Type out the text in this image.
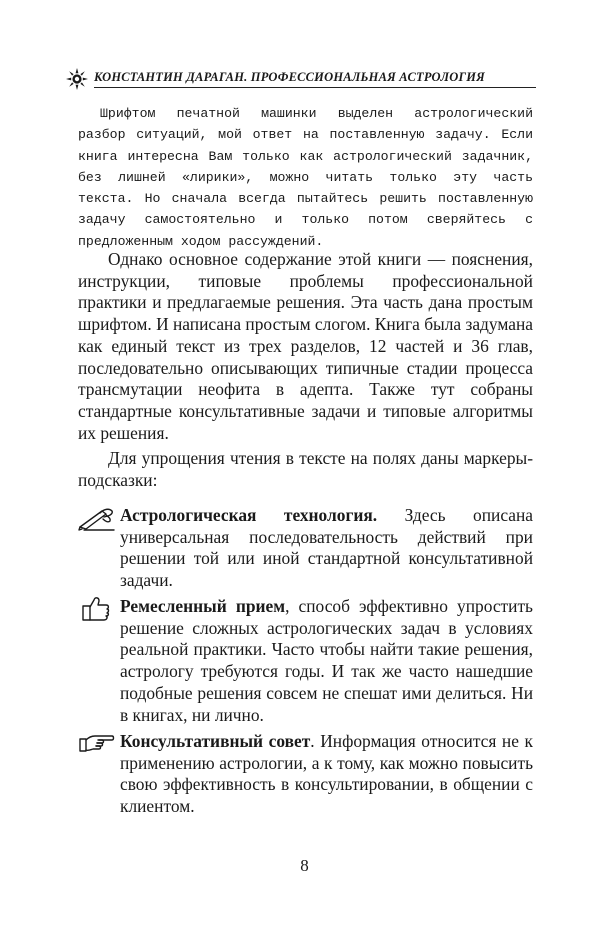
КОНСТАНТИН ДАРАГАН. ПРОФЕССИОНАЛЬНАЯ АСТРОЛОГИЯ

Шрифтом печатной машинки выделен астрологический разбор ситуаций, мой ответ на поставленную задачу. Если книга интересна Вам только как астрологический задачник, без лишней «лирики», можно читать только эту часть текста. Но сначала всегда пытайтесь решить поставленную задачу самостоятельно и только потом сверяйтесь с предложенным ходом рассуждений.

Однако основное содержание этой книги — пояснения, инструкции, типовые проблемы профессиональной практики и предлагаемые решения. Эта часть дана простым шрифтом. И написана простым слогом. Книга была задумана как единый текст из трех разделов, 12 частей и 36 глав, последовательно описывающих типичные стадии процесса трансмутации неофита в адепта. Также тут собраны стандартные консультативные задачи и типовые алгоритмы их решения.

Для упрощения чтения в тексте на полях даны маркеры-подсказки:

Астрологическая технология. Здесь описана универсальная последовательность действий при решении той или иной стандартной консультативной задачи.

Ремесленный прием, способ эффективно упростить решение сложных астрологических задач в условиях реальной практики. Часто чтобы найти такие решения, астрологу требуются годы. И так же часто нашедшие подобные решения совсем не спешат ими делиться. Ни в книгах, ни лично.

Консультативный совет. Информация относится не к применению астрологии, а к тому, как можно повысить свою эффективность в консультировании, в общении с клиентом.

8
